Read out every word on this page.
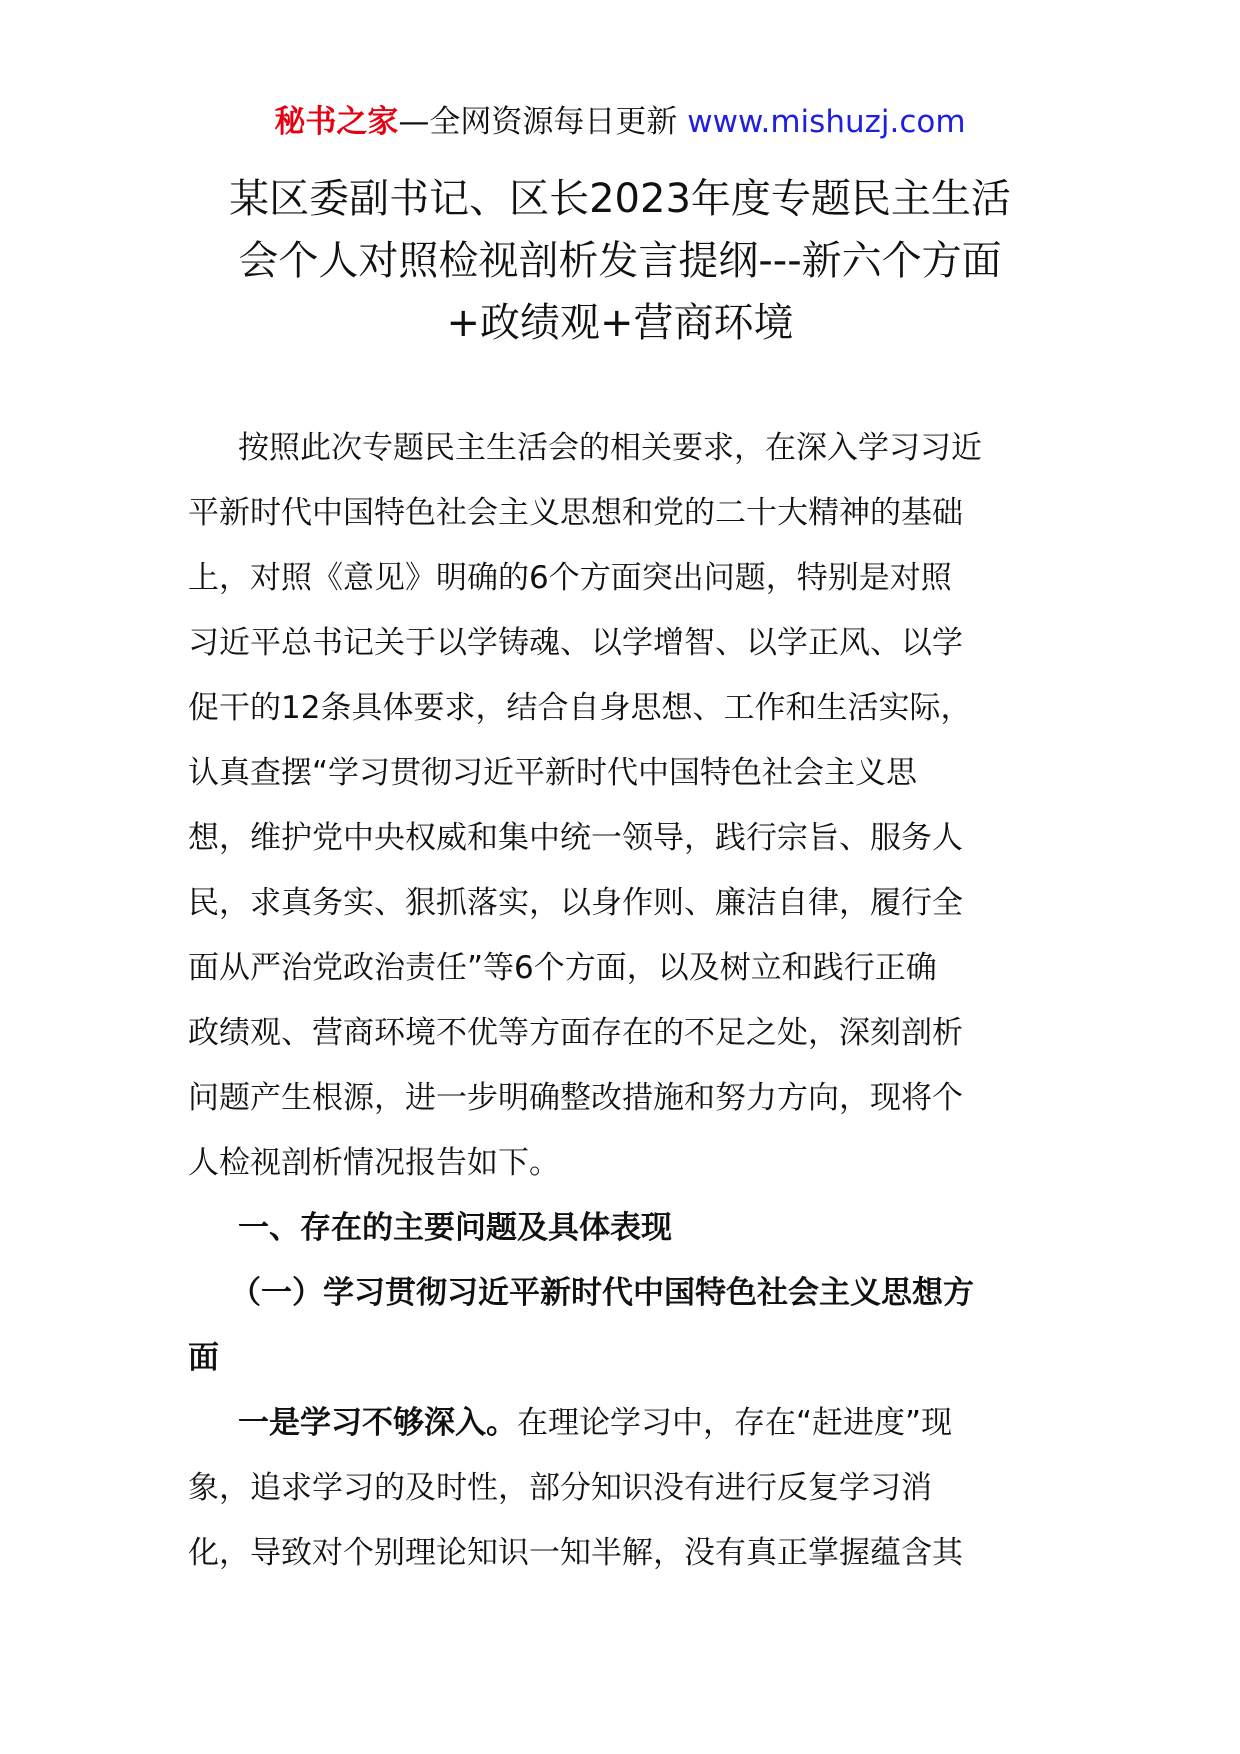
秘书之家—全网资源每日更新 www.mishuzj.com
某区委副书记、区长2023年度专题民主生活
会个人对照检视剖析发言提纲---新六个方面
+政绩观+营商环境
按照此次专题民主生活会的相关要求，在深入学习习近
平新时代中国特色社会主义思想和党的二十大精神的基础
上，对照《意见》明确的6个方面突出问题，特别是对照
习近平总书记关于以学铸魂、以学增智、以学正风、以学
促干的12条具体要求，结合自身思想、工作和生活实际，
认真查摆“学习贯彻习近平新时代中国特色社会主义思
想，维护党中央权威和集中统一领导，践行宗旨、服务人
民，求真务实、狠抓落实，以身作则、廉洁自律，履行全
面从严治党政治责任”等6个方面，以及树立和践行正确
政绩观、营商环境不优等方面存在的不足之处，深刻剖析
问题产生根源，进一步明确整改措施和努力方向，现将个
人检视剖析情况报告如下。
一、存在的主要问题及具体表现
（一）学习贯彻习近平新时代中国特色社会主义思想方
面
一是学习不够深入。在理论学习中，存在“赶进度”现
象，追求学习的及时性，部分知识没有进行反复学习消
化，导致对个别理论知识一知半解，没有真正掌握蕴含其
